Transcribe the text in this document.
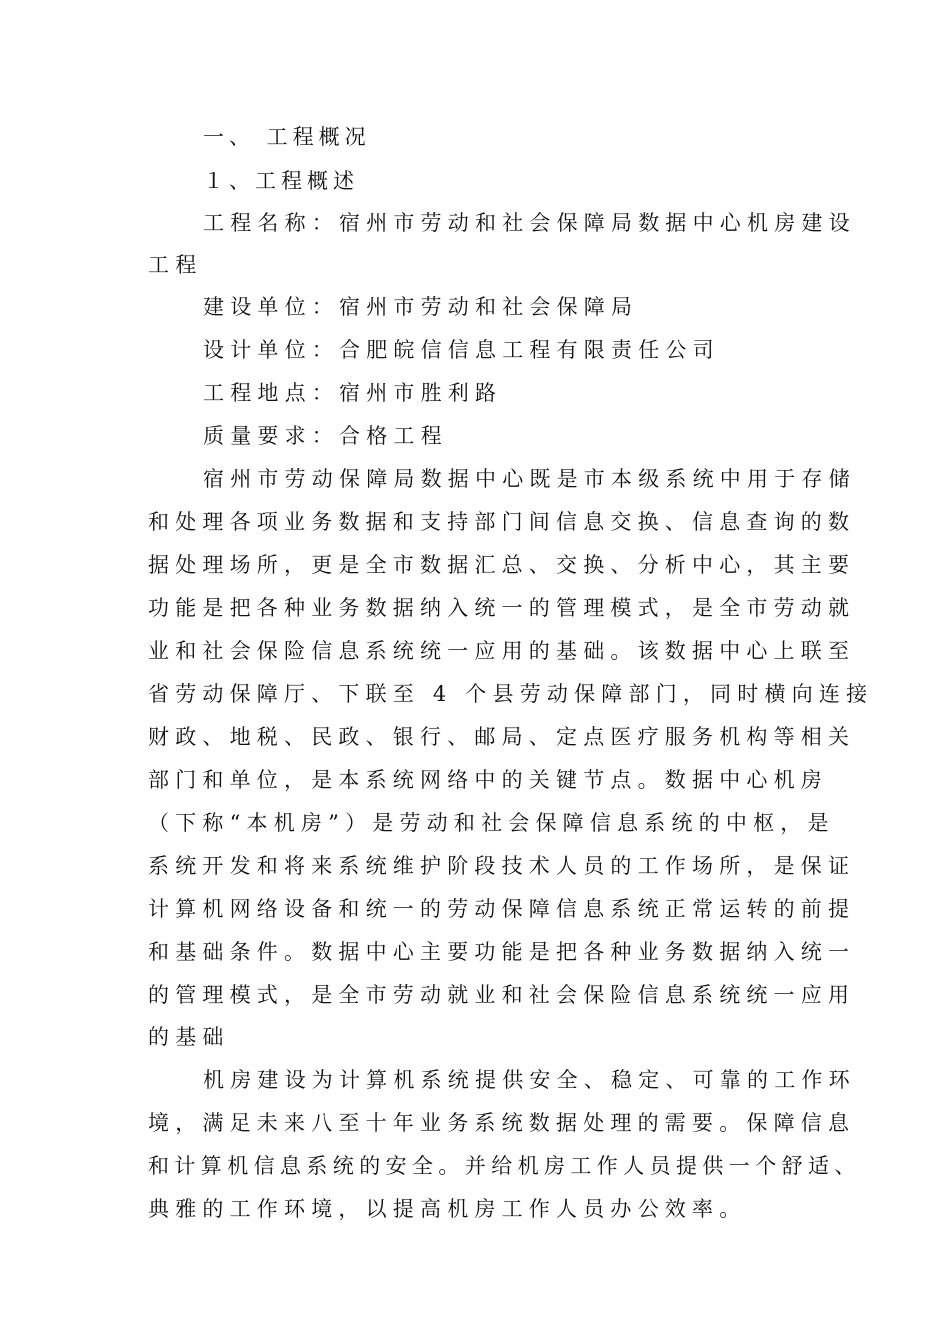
一、 工程概况
１、工程概述
工程名称：宿州市劳动和社会保障局数据中心机房建设
工程
建设单位：宿州市劳动和社会保障局
设计单位：合肥皖信信息工程有限责任公司
工程地点：宿州市胜利路
质量要求：合格工程
宿州市劳动保障局数据中心既是市本级系统中用于存储
和处理各项业务数据和支持部门间信息交换、信息查询的数
据处理场所，更是全市数据汇总、交换、分析中心，其主要
功能是把各种业务数据纳入统一的管理模式，是全市劳动就
业和社会保险信息系统统一应用的基础。该数据中心上联至
省劳动保障厅、下联至 4 个县劳动保障部门，同时横向连接
财政、地税、民政、银行、邮局、定点医疗服务机构等相关
部门和单位，是本系统网络中的关键节点。数据中心机房
（下称“本机房”）是劳动和社会保障信息系统的中枢，是
系统开发和将来系统维护阶段技术人员的工作场所，是保证
计算机网络设备和统一的劳动保障信息系统正常运转的前提
和基础条件。数据中心主要功能是把各种业务数据纳入统一
的管理模式，是全市劳动就业和社会保险信息系统统一应用
的基础
机房建设为计算机系统提供安全、稳定、可靠的工作环
境，满足未来八至十年业务系统数据处理的需要。保障信息
和计算机信息系统的安全。并给机房工作人员提供一个舒适、
典雅的工作环境，以提高机房工作人员办公效率。
